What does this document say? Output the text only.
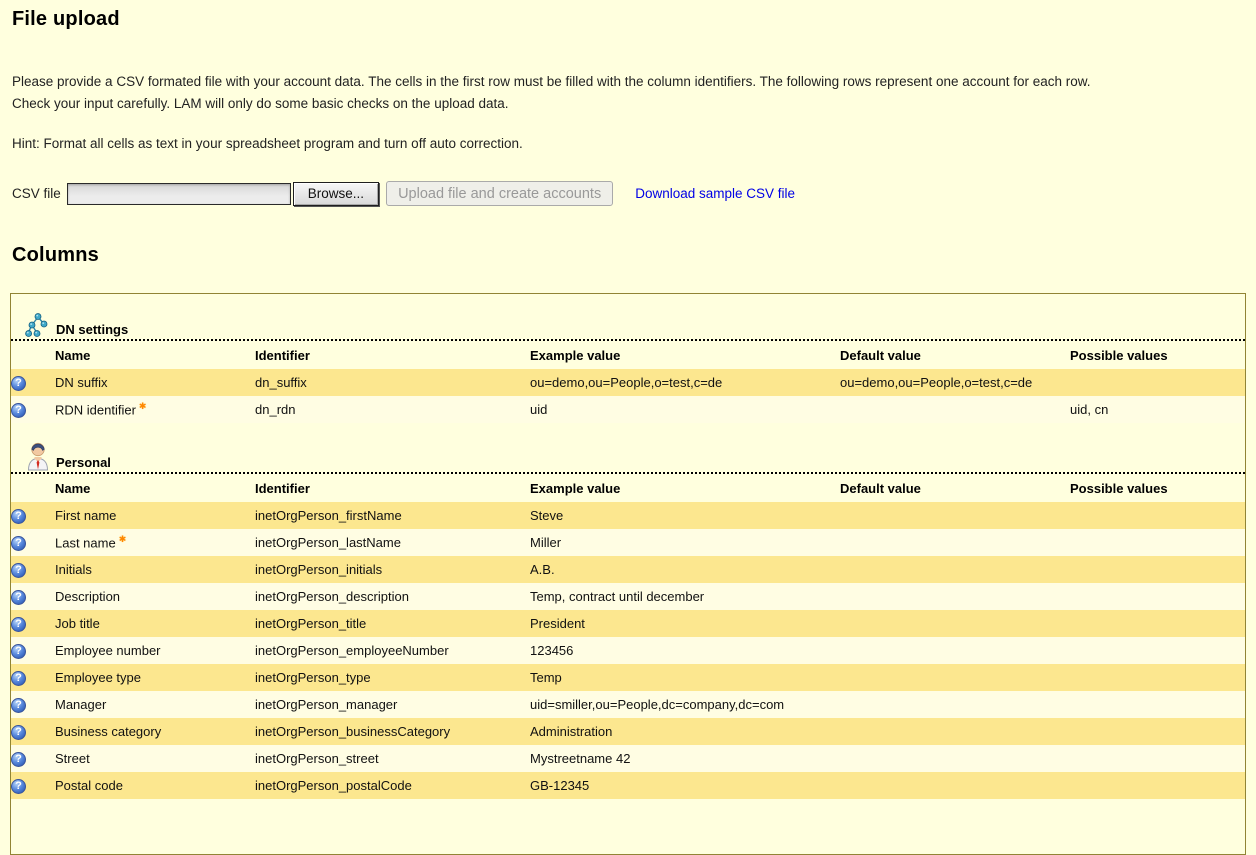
File upload
Please provide a CSV formated file with your account data. The cells in the first row must be filled with the column identifiers. The following rows represent one account for each row.
Check your input carefully. LAM will only do some basic checks on the upload data.
Hint: Format all cells as text in your spreadsheet program and turn off auto correction.
CSV file	Browse...	Upload file and create accounts	Download sample CSV file
Columns
DN settings
	Name	Identifier	Example value	Default value	Possible values
?	DN suffix	dn_suffix	ou=demo,ou=People,o=test,c=de	ou=demo,ou=People,o=test,c=de	
?	RDN identifier ✱	dn_rdn	uid		uid, cn
Personal
	Name	Identifier	Example value	Default value	Possible values
?	First name	inetOrgPerson_firstName	Steve		
?	Last name ✱	inetOrgPerson_lastName	Miller		
?	Initials	inetOrgPerson_initials	A.B.		
?	Description	inetOrgPerson_description	Temp, contract until december		
?	Job title	inetOrgPerson_title	President		
?	Employee number	inetOrgPerson_employeeNumber	123456		
?	Employee type	inetOrgPerson_type	Temp		
?	Manager	inetOrgPerson_manager	uid=smiller,ou=People,dc=company,dc=com		
?	Business category	inetOrgPerson_businessCategory	Administration		
?	Street	inetOrgPerson_street	Mystreetname 42		
?	Postal code	inetOrgPerson_postalCode	GB-12345		
